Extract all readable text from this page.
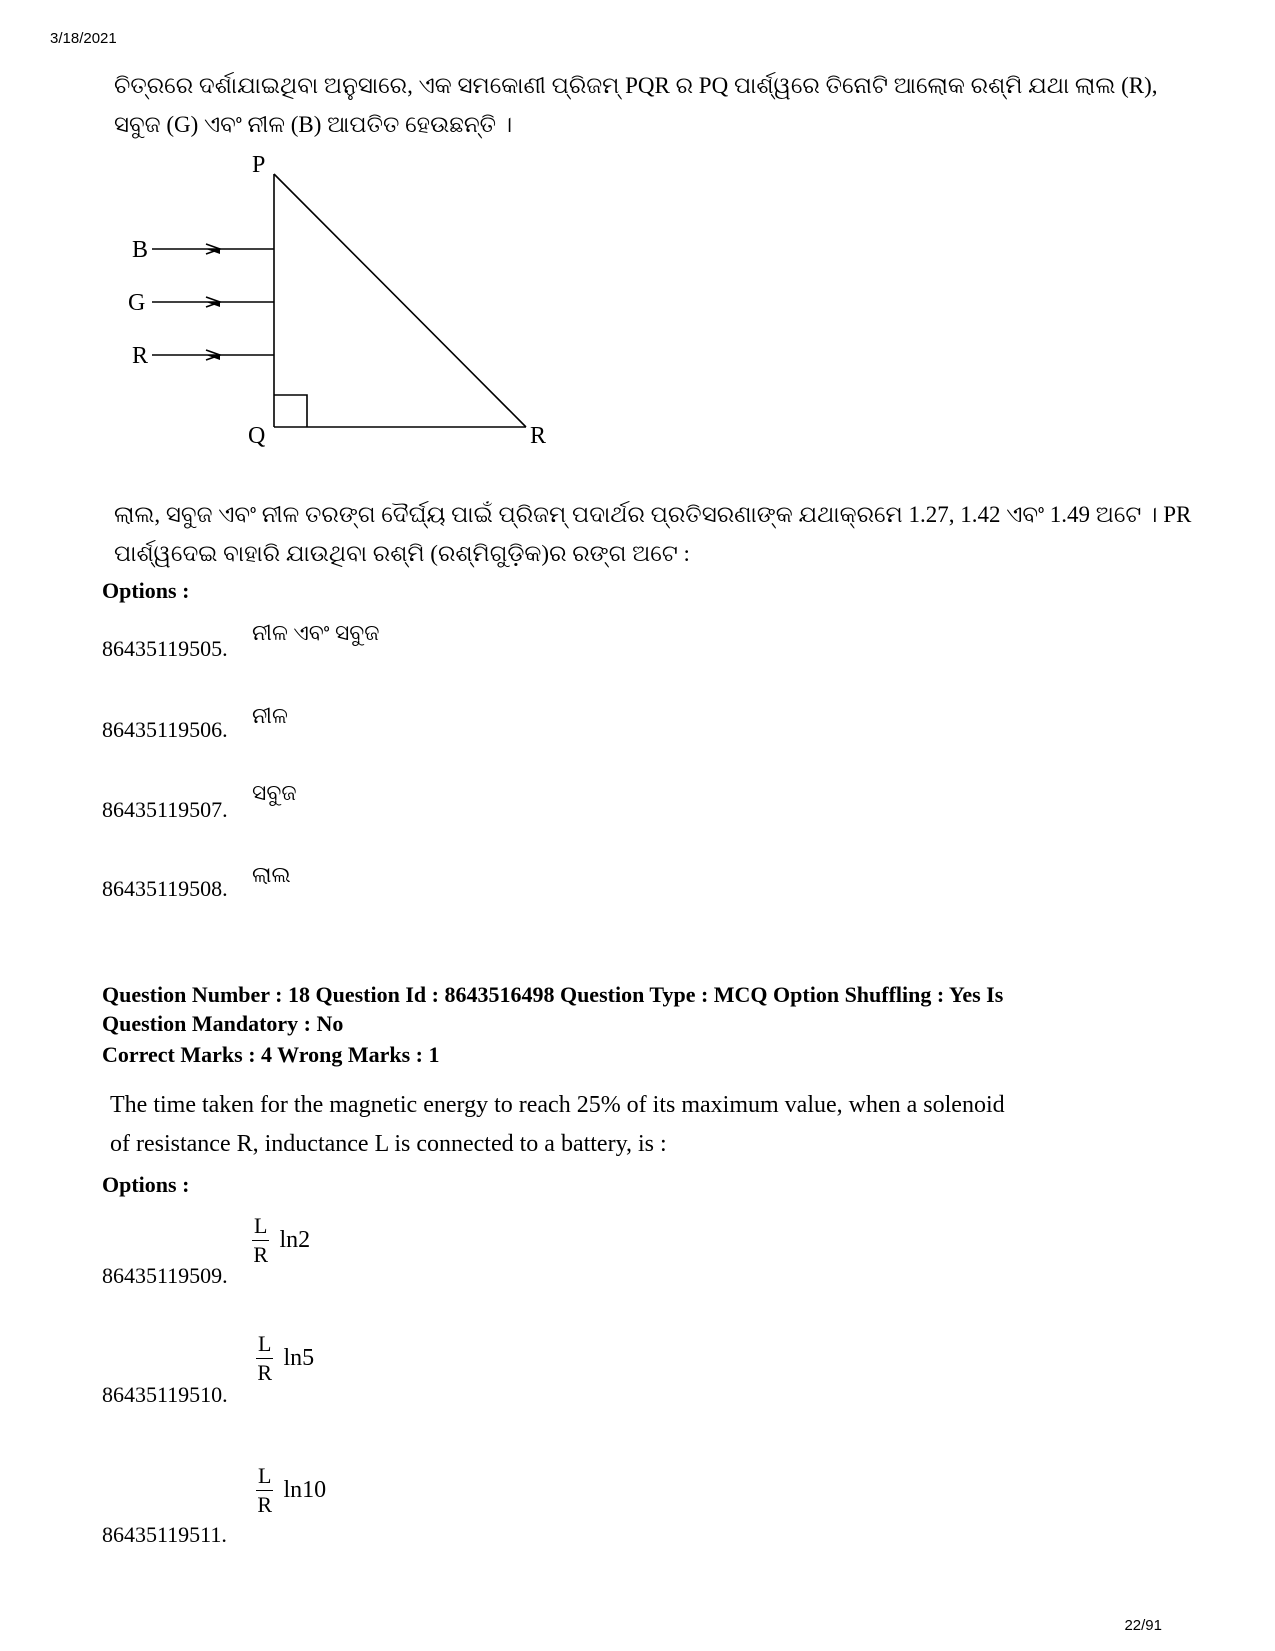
3/18/2021
22/91
ଚିତ୍ରରେ ଦର୍ଶାଯାଇଥିବା ଅନୁସାରେ, ଏକ ସମକୋଣୀ ପ୍ରିଜମ୍ PQR ର PQ ପାର୍ଶ୍ୱରେ ତିନୋଟି ଆଲୋକ ରଶ୍ମି ଯଥା ଲାଲ (R),
ସବୁଜ (G) ଏବଂ ନୀଳ (B) ଆପତିତ ହେଉଛନ୍ତି ।
P
Q	R
B
G
R
ଲାଲ, ସବୁଜ ଏବଂ ନୀଳ ତରଙ୍ଗ ଦୈର୍ଘ୍ୟ ପାଇଁ ପ୍ରିଜମ୍ ପଦାର୍ଥର ପ୍ରତିସରଣାଙ୍କ ଯଥାକ୍ରମେ 1.27, 1.42 ଏବଂ 1.49 ଅଟେ । PR
ପାର୍ଶ୍ୱଦେଇ ବାହାରି ଯାଉଥିବା ରଶ୍ମି (ରଶ୍ମିଗୁଡ଼ିକ)ର ରଙ୍ଗ ଅଟେ :
Options :
86435119505.
ନୀଳ ଏବଂ ସବୁଜ
86435119506.
ନୀଳ
86435119507.
ସବୁଜ
86435119508.
ଲାଲ
Question Number : 18 Question Id : 8643516498 Question Type : MCQ Option Shuffling : Yes Is
Question Mandatory : No
Correct Marks : 4 Wrong Marks : 1
The time taken for the magnetic energy to reach 25% of its maximum value, when a solenoid
of resistance R, inductance L is connected to a battery, is :
Options :
86435119509.
$\frac{L}{R} \ln 2$
86435119510.
$\frac{L}{R} \ln 5$
86435119511.
$\frac{L}{R} \ln 10$
